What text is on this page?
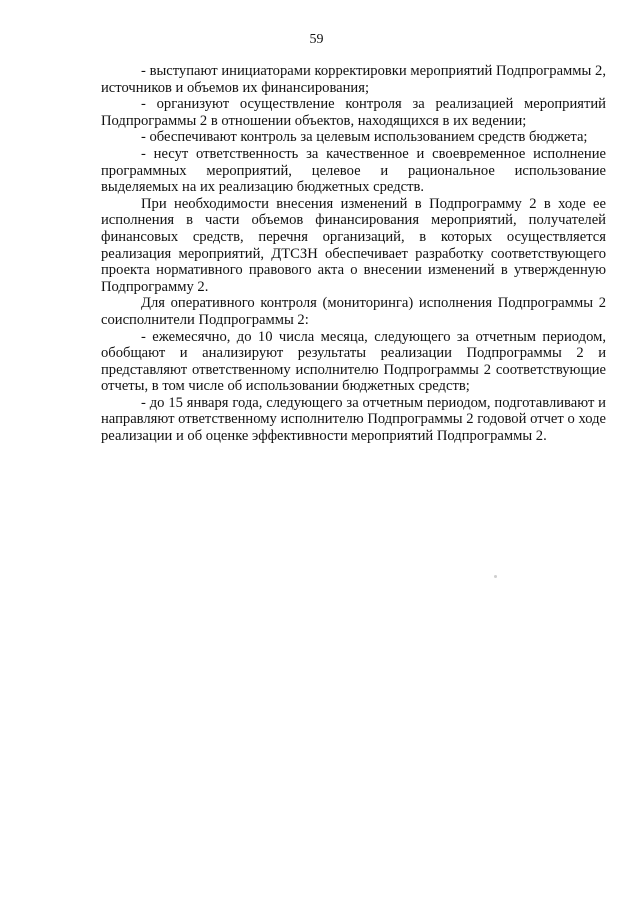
59

- выступают инициаторами корректировки мероприятий Подпрограммы 2, источников и объемов их финансирования;

- организуют осуществление контроля за реализацией мероприятий Подпрограммы 2 в отношении объектов, находящихся в их ведении;

- обеспечивают контроль за целевым использованием средств бюджета;

- несут ответственность за качественное и своевременное исполнение программных мероприятий, целевое и рациональное использование выделяемых на их реализацию бюджетных средств.

При необходимости внесения изменений в Подпрограмму 2 в ходе ее исполнения в части объемов финансирования мероприятий, получателей финансовых средств, перечня организаций, в которых осуществляется реализация мероприятий, ДТСЗН обеспечивает разработку соответствующего проекта нормативного правового акта о внесении изменений в утвержденную Подпрограмму 2.

Для оперативного контроля (мониторинга) исполнения Подпрограммы 2 соисполнители Подпрограммы 2:

- ежемесячно, до 10 числа месяца, следующего за отчетным периодом, обобщают и анализируют результаты реализации Подпрограммы 2 и представляют ответственному исполнителю Подпрограммы 2 соответствующие отчеты, в том числе об использовании бюджетных средств;

- до 15 января года, следующего за отчетным периодом, подготавливают и направляют ответственному исполнителю Подпрограммы 2 годовой отчет о ходе реализации и об оценке эффективности мероприятий Подпрограммы 2.
